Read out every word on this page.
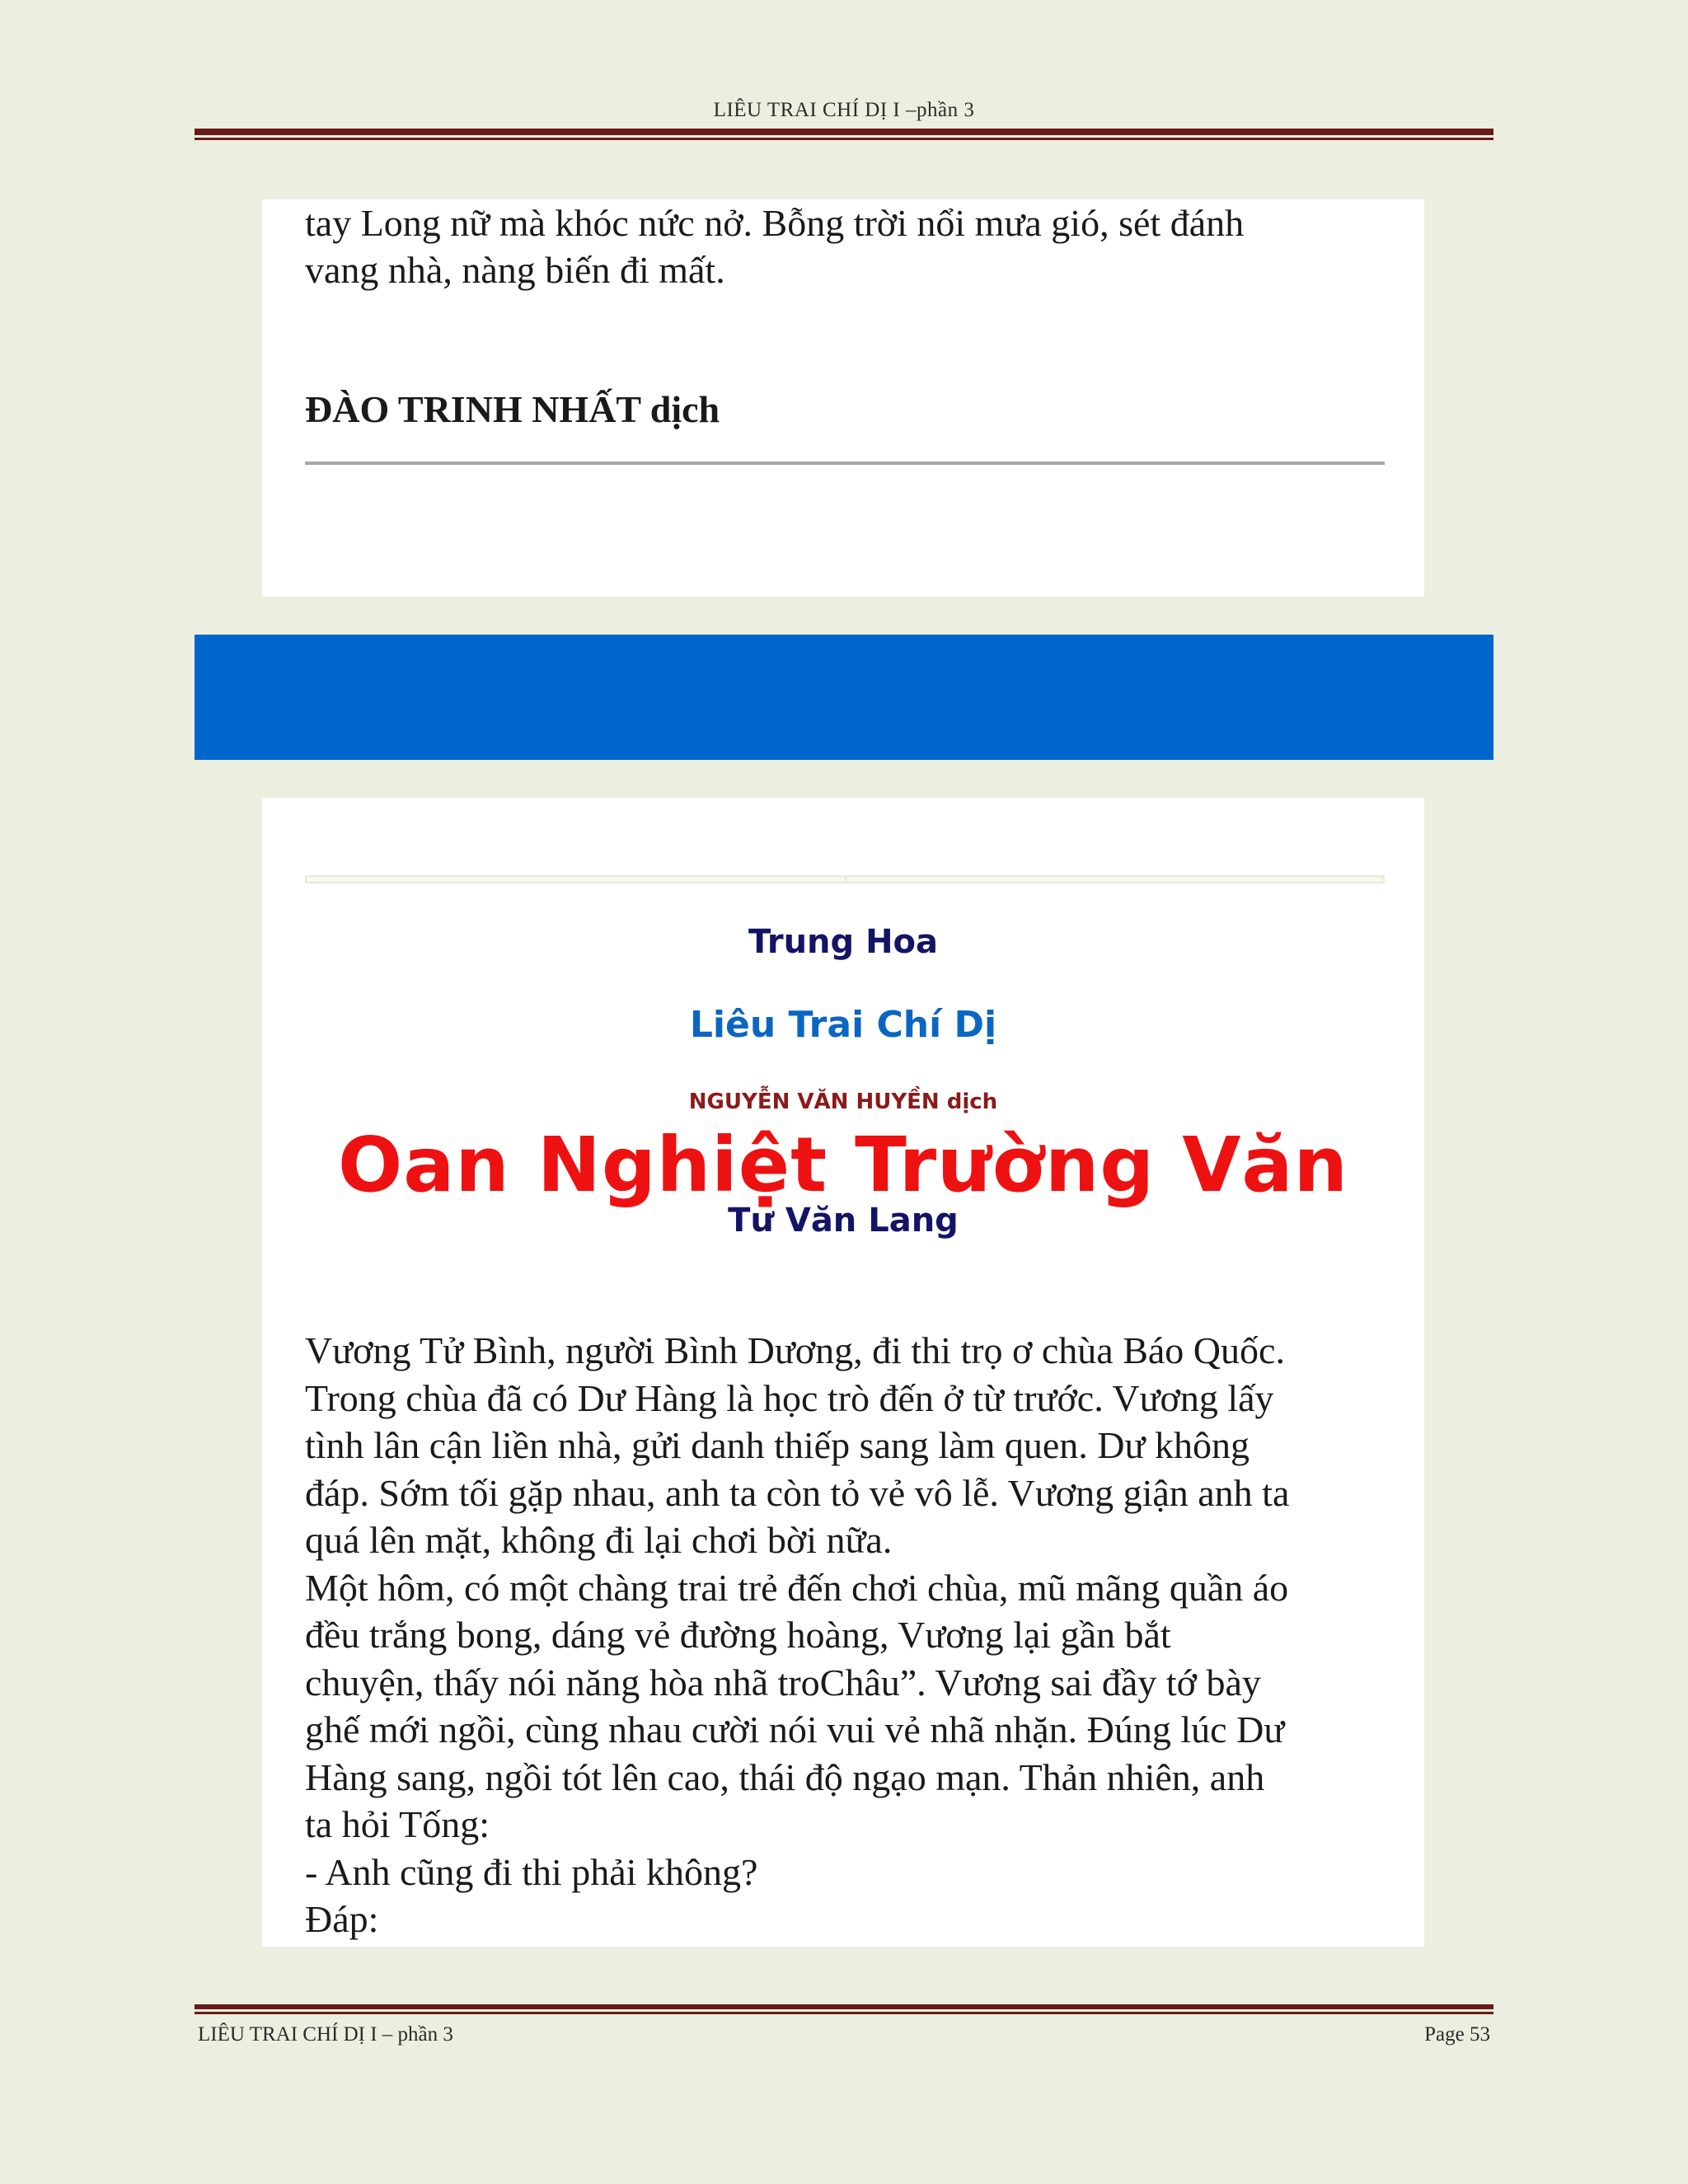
LIÊU TRAI CHÍ DỊ I –phần 3

tay Long nữ mà khóc nức nở. Bỗng trời nổi mưa gió, sét đánh
vang nhà, nàng biến đi mất.

ĐÀO TRINH NHẤT dịch
Trung Hoa
Liêu Trai Chí Dị
NGUYỄN VĂN HUYỀN dịch
Oan Nghiệt Trường Văn
Tư Văn Lang

Vương Tử Bình, người Bình Dương, đi thi trọ ơ chùa Báo Quốc.
Trong chùa đã có Dư Hàng là học trò đến ở từ trước. Vương lấy
tình lân cận liền nhà, gửi danh thiếp sang làm quen. Dư không
đáp. Sớm tối gặp nhau, anh ta còn tỏ vẻ vô lễ. Vương giận anh ta
quá lên mặt, không đi lại chơi bời nữa.
Một hôm, có một chàng trai trẻ đến chơi chùa, mũ mãng quần áo
đều trắng bong, dáng vẻ đường hoàng, Vương lại gần bắt
chuyện, thấy nói năng hòa nhã troChâu”. Vương sai đầy tớ bày
ghế mới ngồi, cùng nhau cười nói vui vẻ nhã nhặn. Đúng lúc Dư
Hàng sang, ngồi tót lên cao, thái độ ngạo mạn. Thản nhiên, anh
ta hỏi Tống:
- Anh cũng đi thi phải không?
Đáp:

LIÊU TRAI CHÍ DỊ I – phần 3	Page 53
